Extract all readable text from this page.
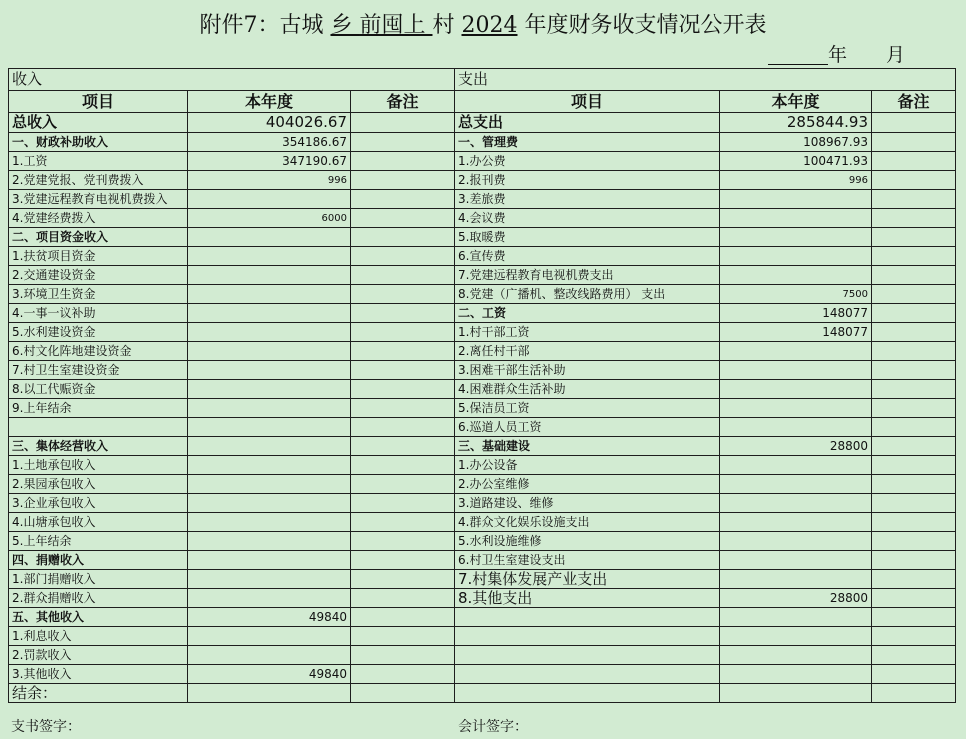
附件7：古城 乡 前囤上 村 2024 年度财务收支情况公开表
年 月
收入			支出		
项目	本年度	备注	项目	本年度	备注
总收入	404026.67		总支出	285844.93	
一、财政补助收入	354186.67		一、管理费	108967.93	
1.工资	347190.67		1.办公费	100471.93	
2.党建党报、党刊费拨入	996		2.报刊费	996	
3.党建远程教育电视机费拨入			3.差旅费		
4.党建经费拨入	6000		4.会议费		
二、项目资金收入			5.取暖费		
1.扶贫项目资金			6.宣传费		
2.交通建设资金			7.党建远程教育电视机费支出		
3.环境卫生资金			8.党建（广播机、整改线路费用） 支出	7500	
4.一事一议补助			二、工资	148077	
5.水利建设资金			1.村干部工资	148077	
6.村文化阵地建设资金			2.离任村干部		
7.村卫生室建设资金			3.困难干部生活补助		
8.以工代赈资金			4.困难群众生活补助		
9.上年结余			5.保洁员工资		
			6.巡道人员工资		
三、集体经营收入			三、基础建设	28800	
1.土地承包收入			1.办公设备		
2.果园承包收入			2.办公室维修		
3.企业承包收入			3.道路建设、维修		
4.山塘承包收入			4.群众文化娱乐设施支出		
5.上年结余			5.水利设施维修		
四、捐赠收入			6.村卫生室建设支出		
1.部门捐赠收入			7.村集体发展产业支出		
2.群众捐赠收入			8.其他支出	28800	
五、其他收入	49840				
1.利息收入					
2.罚款收入					
3.其他收入	49840				
结余：					
支书签字：	会计签字：
